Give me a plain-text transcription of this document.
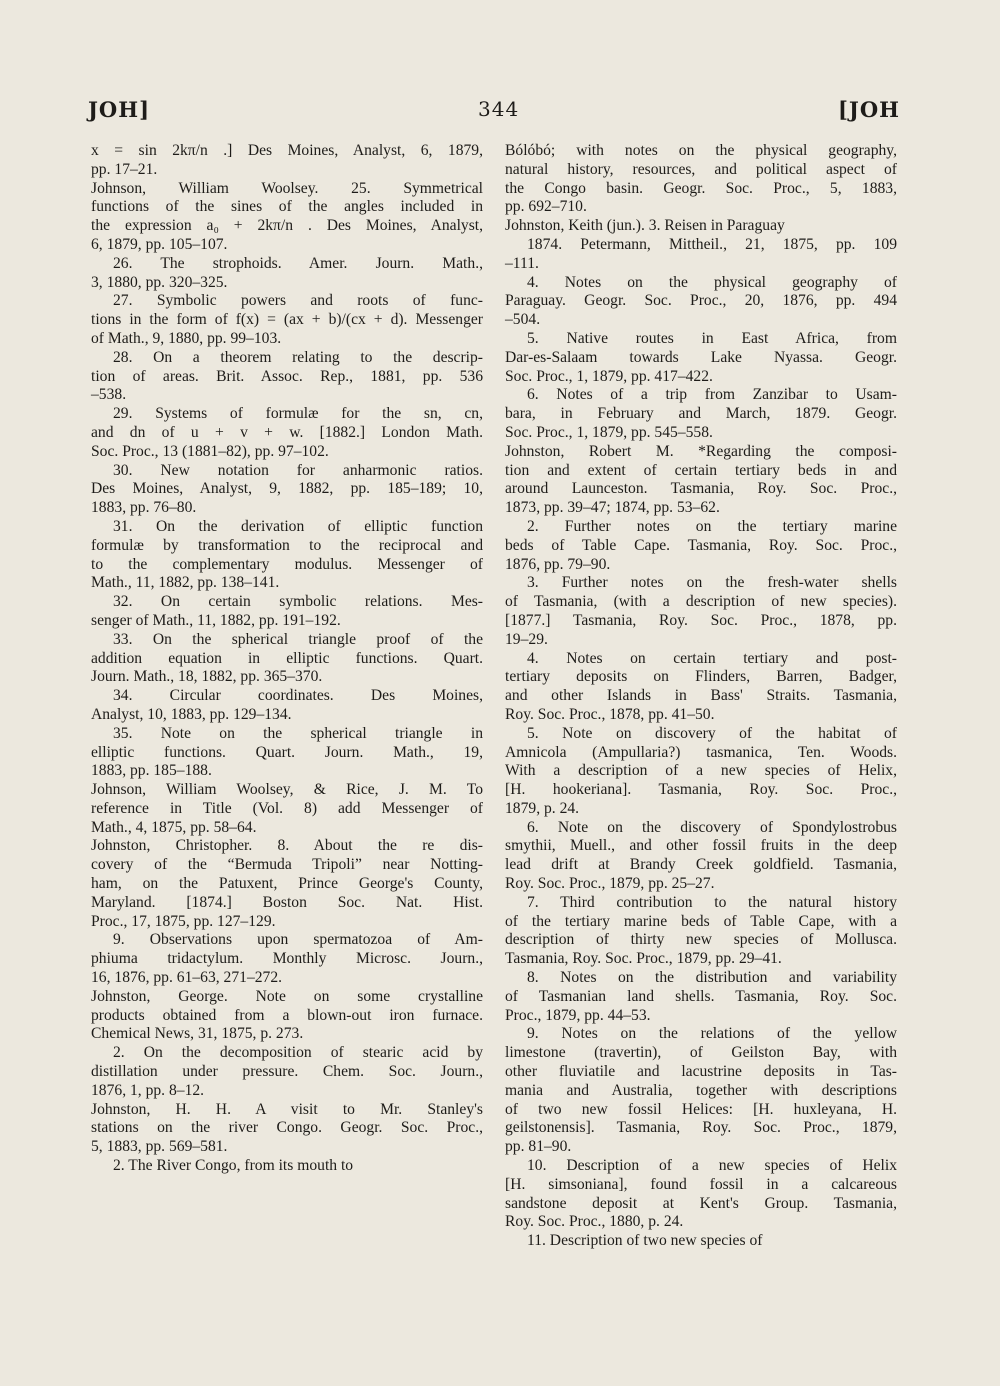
JOH]	344	[JOH
x = sin 2kπ/n .] Des Moines, Analyst, 6, 1879,
pp. 17–21.
Johnson, William Woolsey. 25. Symmetrical
functions of the sines of the angles included in
the expression a₀ + 2kπ/n . Des Moines, Analyst,
6, 1879, pp. 105–107.
26. The strophoids. Amer. Journ. Math.,
3, 1880, pp. 320–325.
27. Symbolic powers and roots of func-
tions in the form of f(x) = (ax + b)/(cx + d). Messenger
of Math., 9, 1880, pp. 99–103.
28. On a theorem relating to the descrip-
tion of areas. Brit. Assoc. Rep., 1881, pp. 536
–538.
29. Systems of formulæ for the sn, cn,
and dn of u + v + w. [1882.] London Math.
Soc. Proc., 13 (1881–82), pp. 97–102.
30. New notation for anharmonic ratios.
Des Moines, Analyst, 9, 1882, pp. 185–189; 10,
1883, pp. 76–80.
31. On the derivation of elliptic function
formulæ by transformation to the reciprocal and
to the complementary modulus. Messenger of
Math., 11, 1882, pp. 138–141.
32. On certain symbolic relations. Mes-
senger of Math., 11, 1882, pp. 191–192.
33. On the spherical triangle proof of the
addition equation in elliptic functions. Quart.
Journ. Math., 18, 1882, pp. 365–370.
34. Circular coordinates. Des Moines,
Analyst, 10, 1883, pp. 129–134.
35. Note on the spherical triangle in
elliptic functions. Quart. Journ. Math., 19,
1883, pp. 185–188.
Johnson, William Woolsey, & Rice, J. M. To
reference in Title (Vol. 8) add Messenger of
Math., 4, 1875, pp. 58–64.
Johnston, Christopher. 8. About the re dis-
covery of the “Bermuda Tripoli” near Notting-
ham, on the Patuxent, Prince George's County,
Maryland. [1874.] Boston Soc. Nat. Hist.
Proc., 17, 1875, pp. 127–129.
9. Observations upon spermatozoa of Am-
phiuma tridactylum. Monthly Microsc. Journ.,
16, 1876, pp. 61–63, 271–272.
Johnston, George. Note on some crystalline
products obtained from a blown-out iron furnace.
Chemical News, 31, 1875, p. 273.
2. On the decomposition of stearic acid by
distillation under pressure. Chem. Soc. Journ.,
1876, 1, pp. 8–12.
Johnston, H. H. A visit to Mr. Stanley's
stations on the river Congo. Geogr. Soc. Proc.,
5, 1883, pp. 569–581.
2. The River Congo, from its mouth to
Bólóbó; with notes on the physical geography,
natural history, resources, and political aspect of
the Congo basin. Geogr. Soc. Proc., 5, 1883,
pp. 692–710.
Johnston, Keith (jun.). 3. Reisen in Paraguay
1874. Petermann, Mittheil., 21, 1875, pp. 109
–111.
4. Notes on the physical geography of
Paraguay. Geogr. Soc. Proc., 20, 1876, pp. 494
–504.
5. Native routes in East Africa, from
Dar-es-Salaam towards Lake Nyassa. Geogr.
Soc. Proc., 1, 1879, pp. 417–422.
6. Notes of a trip from Zanzibar to Usam-
bara, in February and March, 1879. Geogr.
Soc. Proc., 1, 1879, pp. 545–558.
Johnston, Robert M. *Regarding the composi-
tion and extent of certain tertiary beds in and
around Launceston. Tasmania, Roy. Soc. Proc.,
1873, pp. 39–47; 1874, pp. 53–62.
2. Further notes on the tertiary marine
beds of Table Cape. Tasmania, Roy. Soc. Proc.,
1876, pp. 79–90.
3. Further notes on the fresh-water shells
of Tasmania, (with a description of new species).
[1877.] Tasmania, Roy. Soc. Proc., 1878, pp.
19–29.
4. Notes on certain tertiary and post-
tertiary deposits on Flinders, Barren, Badger,
and other Islands in Bass' Straits. Tasmania,
Roy. Soc. Proc., 1878, pp. 41–50.
5. Note on discovery of the habitat of
Amnicola (Ampullaria?) tasmanica, Ten. Woods.
With a description of a new species of Helix,
[H. hookeriana]. Tasmania, Roy. Soc. Proc.,
1879, p. 24.
6. Note on the discovery of Spondylostrobus
smythii, Muell., and other fossil fruits in the deep
lead drift at Brandy Creek goldfield. Tasmania,
Roy. Soc. Proc., 1879, pp. 25–27.
7. Third contribution to the natural history
of the tertiary marine beds of Table Cape, with a
description of thirty new species of Mollusca.
Tasmania, Roy. Soc. Proc., 1879, pp. 29–41.
8. Notes on the distribution and variability
of Tasmanian land shells. Tasmania, Roy. Soc.
Proc., 1879, pp. 44–53.
9. Notes on the relations of the yellow
limestone (travertin), of Geilston Bay, with
other fluviatile and lacustrine deposits in Tas-
mania and Australia, together with descriptions
of two new fossil Helices: [H. huxleyana, H.
geilstonensis]. Tasmania, Roy. Soc. Proc., 1879,
pp. 81–90.
10. Description of a new species of Helix
[H. simsoniana], found fossil in a calcareous
sandstone deposit at Kent's Group. Tasmania,
Roy. Soc. Proc., 1880, p. 24.
11. Description of two new species of
